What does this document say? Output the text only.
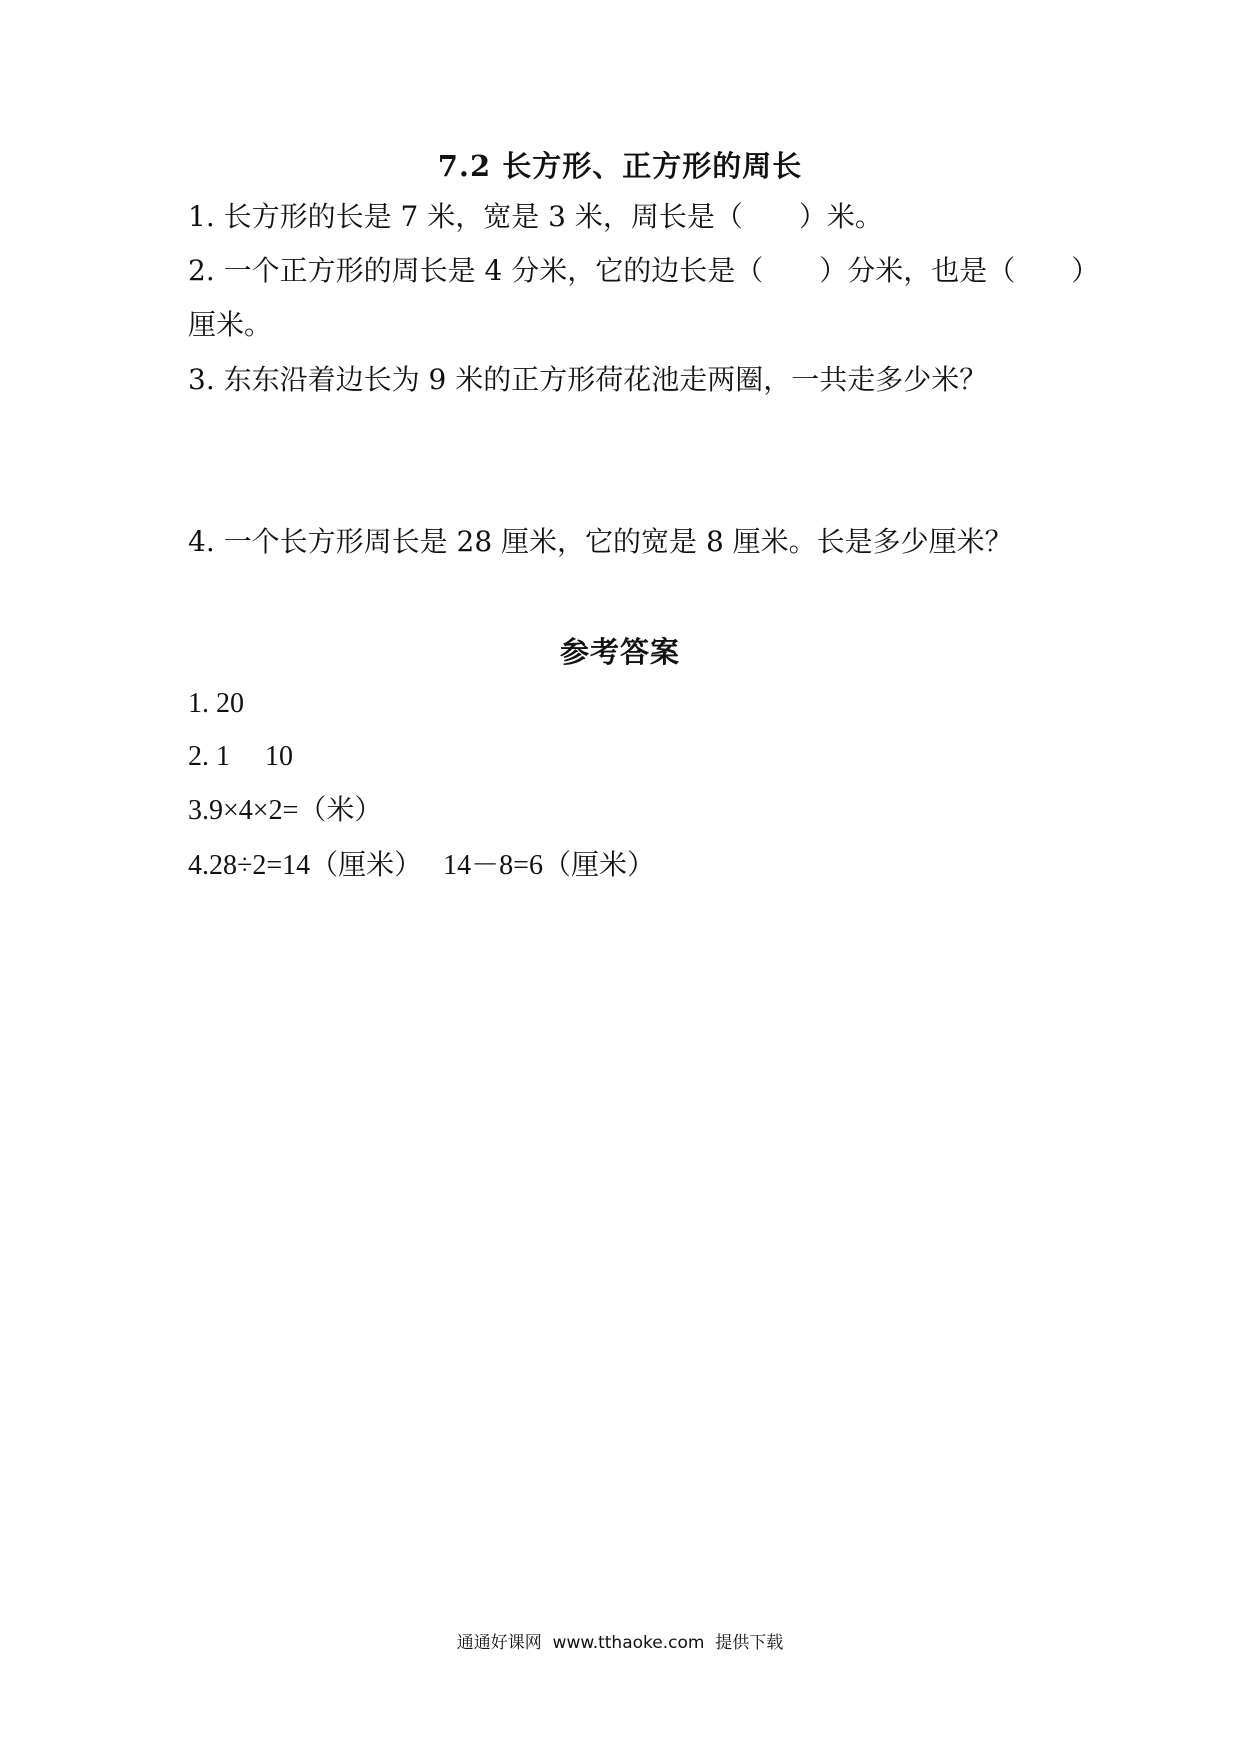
7.2 长方形、正方形的周长
1. 长方形的长是 7 米，宽是 3 米，周长是（　　）米。
2. 一个正方形的周长是 4 分米，它的边长是（　　）分米，也是（　　）
厘米。
3. 东东沿着边长为 9 米的正方形荷花池走两圈，一共走多少米？
4. 一个长方形周长是 28 厘米，它的宽是 8 厘米。长是多少厘米？
参考答案
1. 20
2. 1　 10
3.9×4×2=（米）
4.28÷2=14（厘米）　 14－8=6（厘米）
通通好课网  www.tthaoke.com  提供下载
